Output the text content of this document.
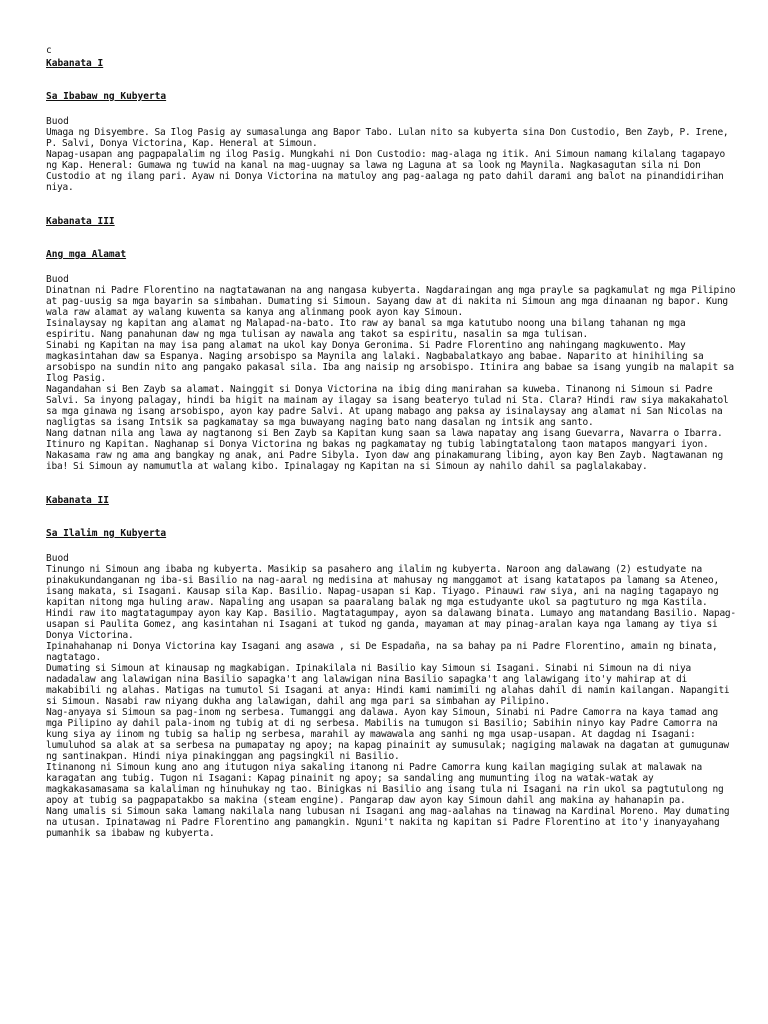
c
Kabanata I
Sa Ibabaw ng Kubyerta
Buod

Umaga ng Disyembre. Sa Ilog Pasig ay sumasalunga ang Bapor Tabo. Lulan nito sa kubyerta sina Don Custodio, Ben Zayb, P. Irene, P. Salvi, Donya Victorina, Kap. Heneral at Simoun.

Napag-usapan ang pagpapalalim ng ilog Pasig. Mungkahi ni Don Custodio: mag-alaga ng itik. Ani Simoun namang kilalang tagapayo ng Kap. Heneral: Gumawa ng tuwid na kanal na mag-uugnay sa lawa ng Laguna at sa look ng Maynila. Nagkasagutan sila ni Don Custodio at ng ilang pari. Ayaw ni Donya Victorina na matuloy ang pag-aalaga ng pato dahil darami ang balot na pinandidirihan niya.

Kabanata III
Ang mga Alamat
Buod

Dinatnan ni Padre Florentino na nagtatawanan na ang nangasa kubyerta. Nagdaraingan ang mga prayle sa pagkamulat ng mga Pilipino at pag-uusig sa mga bayarin sa simbahan. Dumating si Simoun. Sayang daw at di nakita ni Simoun ang mga dinaanan ng bapor. Kung wala raw alamat ay walang kuwenta sa kanya ang alinmang pook ayon kay Simoun.

Isinalaysay ng kapitan ang alamat ng Malapad-na-bato. Ito raw ay banal sa mga katutubo noong una bilang tahanan ng mga espiritu. Nang panahunan daw ng mga tulisan ay nawala ang takot sa espiritu, nasalin sa mga tulisan.

Sinabi ng Kapitan na may isa pang alamat na ukol kay Donya Geronima. Si Padre Florentino ang nahingang magkuwento. May magkasintahan daw sa Espanya. Naging arsobispo sa Maynila ang lalaki. Nagbabalatkayo ang babae. Naparito at hinihiling sa arsobispo na sundin nito ang pangako pakasal sila. Iba ang naisip ng arsobispo. Itinira ang babae sa isang yungib na malapit sa Ilog Pasig.

Nagandahan si Ben Zayb sa alamat. Nainggit si Donya Victorina na ibig ding manirahan sa kuweba. Tinanong ni Simoun si Padre Salvi. Sa inyong palagay, hindi ba higit na mainam ay ilagay sa isang beateryo tulad ni Sta. Clara? Hindi raw siya makakahatol sa mga ginawa ng isang arsobispo, ayon kay padre Salvi. At upang mabago ang paksa ay isinalaysay ang alamat ni San Nicolas na nagligtas sa isang Intsik sa pagkamatay sa mga buwayang naging bato nang dasalan ng intsik ang santo.

Nang datnan nila ang lawa ay nagtanong si Ben Zayb sa Kapitan kung saan sa lawa napatay ang isang Guevarra, Navarra o Ibarra.

Itinuro ng Kapitan. Naghanap si Donya Victorina ng bakas ng pagkamatay ng tubig labingtatalong taon matapos mangyari iyon. Nakasama raw ng ama ang bangkay ng anak, ani Padre Sibyla. Iyon daw ang pinakamurang libing, ayon kay Ben Zayb. Nagtawanan ng iba! Si Simoun ay namumutla at walang kibo. Ipinalagay ng Kapitan na si Simoun ay nahilo dahil sa paglalakabay.

Kabanata II
Sa Ilalim ng Kubyerta
Buod

Tinungo ni Simoun ang ibaba ng kubyerta. Masikip sa pasahero ang ilalim ng kubyerta. Naroon ang dalawang (2) estudyate na pinakukundanganan ng iba-si Basilio na nag-aaral ng medisina at mahusay ng manggamot at isang katatapos pa lamang sa Ateneo, isang makata, si Isagani. Kausap sila Kap. Basilio. Napag-usapan si Kap. Tiyago. Pinauwi raw siya, ani na naging tagapayo ng kapitan nitong mga huling araw. Napaling ang usapan sa paaralang balak ng mga estudyante ukol sa pagtuturo ng mga Kastila. Hindi raw ito magtatagumpay ayon kay Kap. Basilio. Magtatagumpay, ayon sa dalawang binata. Lumayo ang matandang Basilio. Napag-usapan si Paulita Gomez, ang kasintahan ni Isagani at tukod ng ganda, mayaman at may pinag-aralan kaya nga lamang ay tiya si Donya Victorina.

Ipinahahanap ni Donya Victorina kay Isagani ang asawa , si De Espadaña, na sa bahay pa ni Padre Florentino, amain ng binata, nagtatago.

Dumating si Simoun at kinausap ng magkabigan. Ipinakilala ni Basilio kay Simoun si Isagani. Sinabi ni Simoun na di niya nadadalaw ang lalawigan nina Basilio sapagka't ang lalawigan nina Basilio sapagka't ang lalawigang ito'y mahirap at di makabibili ng alahas. Matigas na tumutol Si Isagani at anya: Hindi kami namimili ng alahas dahil di namin kailangan. Napangiti si Simoun. Nasabi raw niyang dukha ang lalawigan, dahil ang mga pari sa simbahan ay Pilipino.

Nag-anyaya si Simoun sa pag-inom ng serbesa. Tumanggi ang dalawa. Ayon kay Simoun, Sinabi ni Padre Camorra na kaya tamad ang mga Pilipino ay dahil pala-inom ng tubig at di ng serbesa. Mabilis na tumugon si Basilio; Sabihin ninyo kay Padre Camorra na kung siya ay iinom ng tubig sa halip ng serbesa, marahil ay mawawala ang sanhi ng mga usap-usapan. At dagdag ni Isagani: lumuluhod sa alak at sa serbesa na pumapatay ng apoy; na kapag pinainit ay sumusulak; nagiging malawak na dagatan at gumugunaw ng santinakpan. Hindi niya pinakinggan ang pagsingkil ni Basilio.

Itinanong ni Simoun kung ano ang itutugon niya sakaling itanong ni Padre Camorra kung kailan magiging sulak at malawak na karagatan ang tubig. Tugon ni Isagani: Kapag pinainit ng apoy; sa sandaling ang mumunting ilog na watak-watak ay magkakasamasama sa kalaliman ng hinuhukay ng tao. Binigkas ni Basilio ang isang tula ni Isagani na rin ukol sa pagtutulong ng apoy at tubig sa pagpapatakbo sa makina (steam engine). Pangarap daw ayon kay Simoun dahil ang makina ay hahanapin pa.

Nang umalis si Simoun saka lamang nakilala nang lubusan ni Isagani ang mag-aalahas na tinawag na Kardinal Moreno. May dumating na utusan. Ipinatawag ni Padre Florentino ang pamangkin. Nguni't nakita ng kapitan si Padre Florentino at ito'y inanyayahang pumanhik sa ibabaw ng kubyerta.
